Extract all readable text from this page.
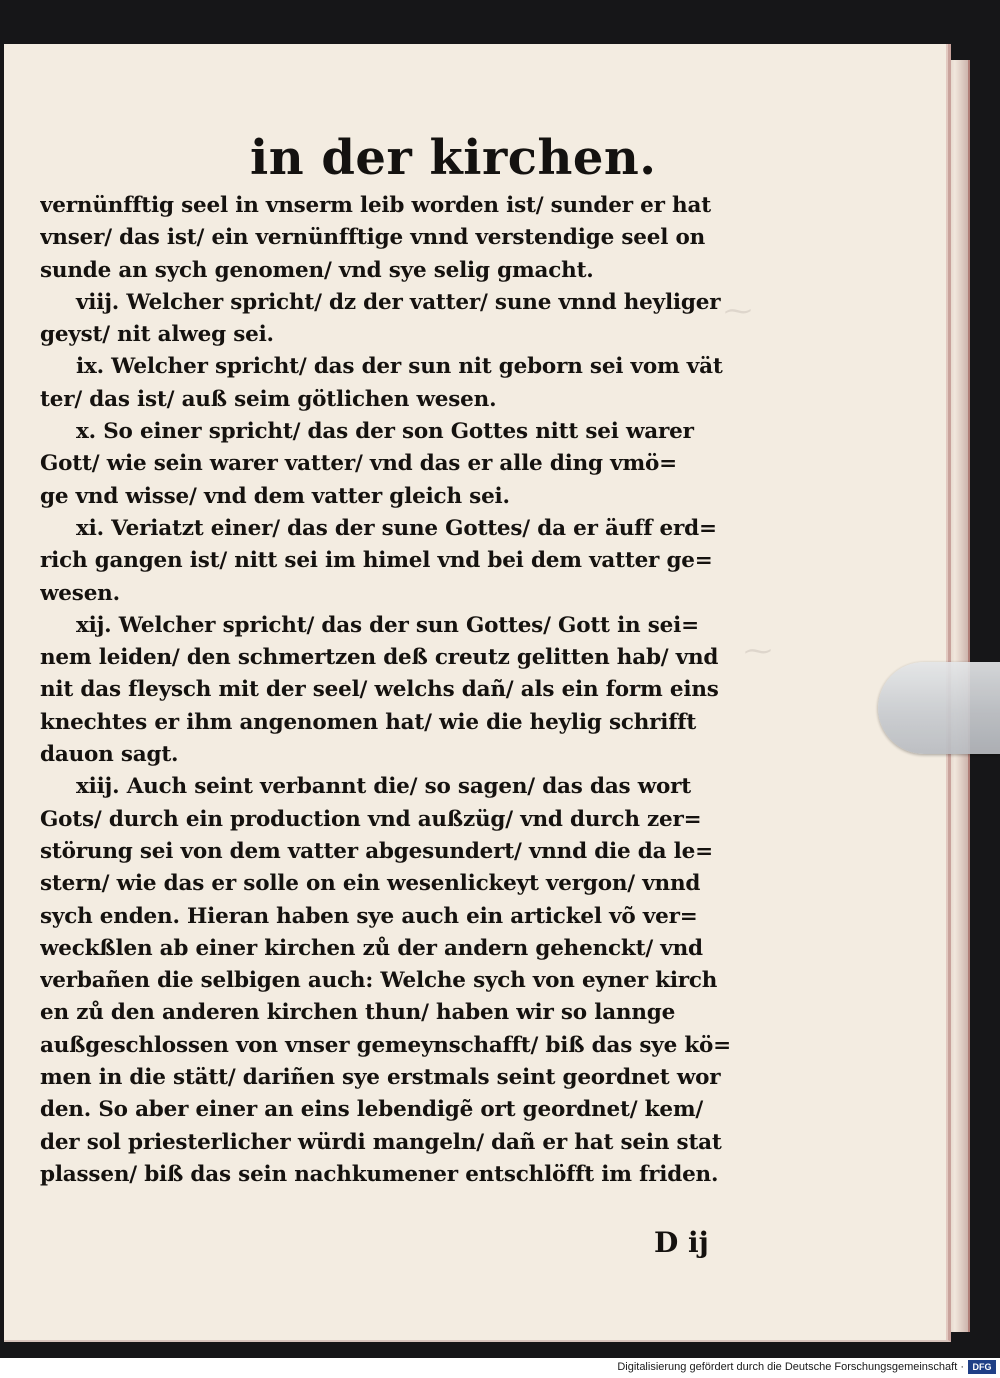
⁓
⁓
in der kirchen.
vernünfftig seel in vnserm leib worden ist/ sunder er hat
vnser/ das ist/ ein vernünfftige vnnd verstendige seel on
sunde an sych genomen/ vnd sye selig gmacht.
viij. Welcher spricht/ dz der vatter/ sune vnnd heyliger
geyst/ nit alweg sei.
ix. Welcher spricht/ das der sun nit geborn sei vom vät
ter/ das ist/ auß seim götlichen wesen.
x. So einer spricht/ das der son Gottes nitt sei warer
Gott/ wie sein warer vatter/ vnd das er alle ding vmö=
ge vnd wisse/ vnd dem vatter gleich sei.
xi. Veriatzt einer/ das der sune Gottes/ da er äuff erd=
rich gangen ist/ nitt sei im himel vnd bei dem vatter ge=
wesen.
xij. Welcher spricht/ das der sun Gottes/ Gott in sei=
nem leiden/ den schmertzen deß creutz gelitten hab/ vnd
nit das fleysch mit der seel/ welchs dañ/ als ein form eins
knechtes er ihm angenomen hat/ wie die heylig schrifft
dauon sagt.
xiij. Auch seint verbannt die/ so sagen/ das das wort
Gots/ durch ein production vnd außzüg/ vnd durch zer=
störung sei von dem vatter abgesundert/ vnnd die da le=
stern/ wie das er solle on ein wesenlickeyt vergon/ vnnd
sych enden. Hieran haben sye auch ein artickel võ ver=
weckßlen ab einer kirchen zů der andern gehenckt/ vnd
verbañen die selbigen auch: Welche sych von eyner kirch
en zů den anderen kirchen thun/ haben wir so lannge
außgeschlossen von vnser gemeynschafft/ biß das sye kö=
men in die stätt/ dariñen sye erstmals seint geordnet wor
den. So aber einer an eins lebendigẽ ort geordnet/ kem/
der sol priesterlicher würdi mangeln/ dañ er hat sein stat
plassen/ biß das sein nachkumener entschlöfft im friden.
D ij
Digitalisierung gefördert durch die Deutsche Forschungsgemeinschaft · DFG
